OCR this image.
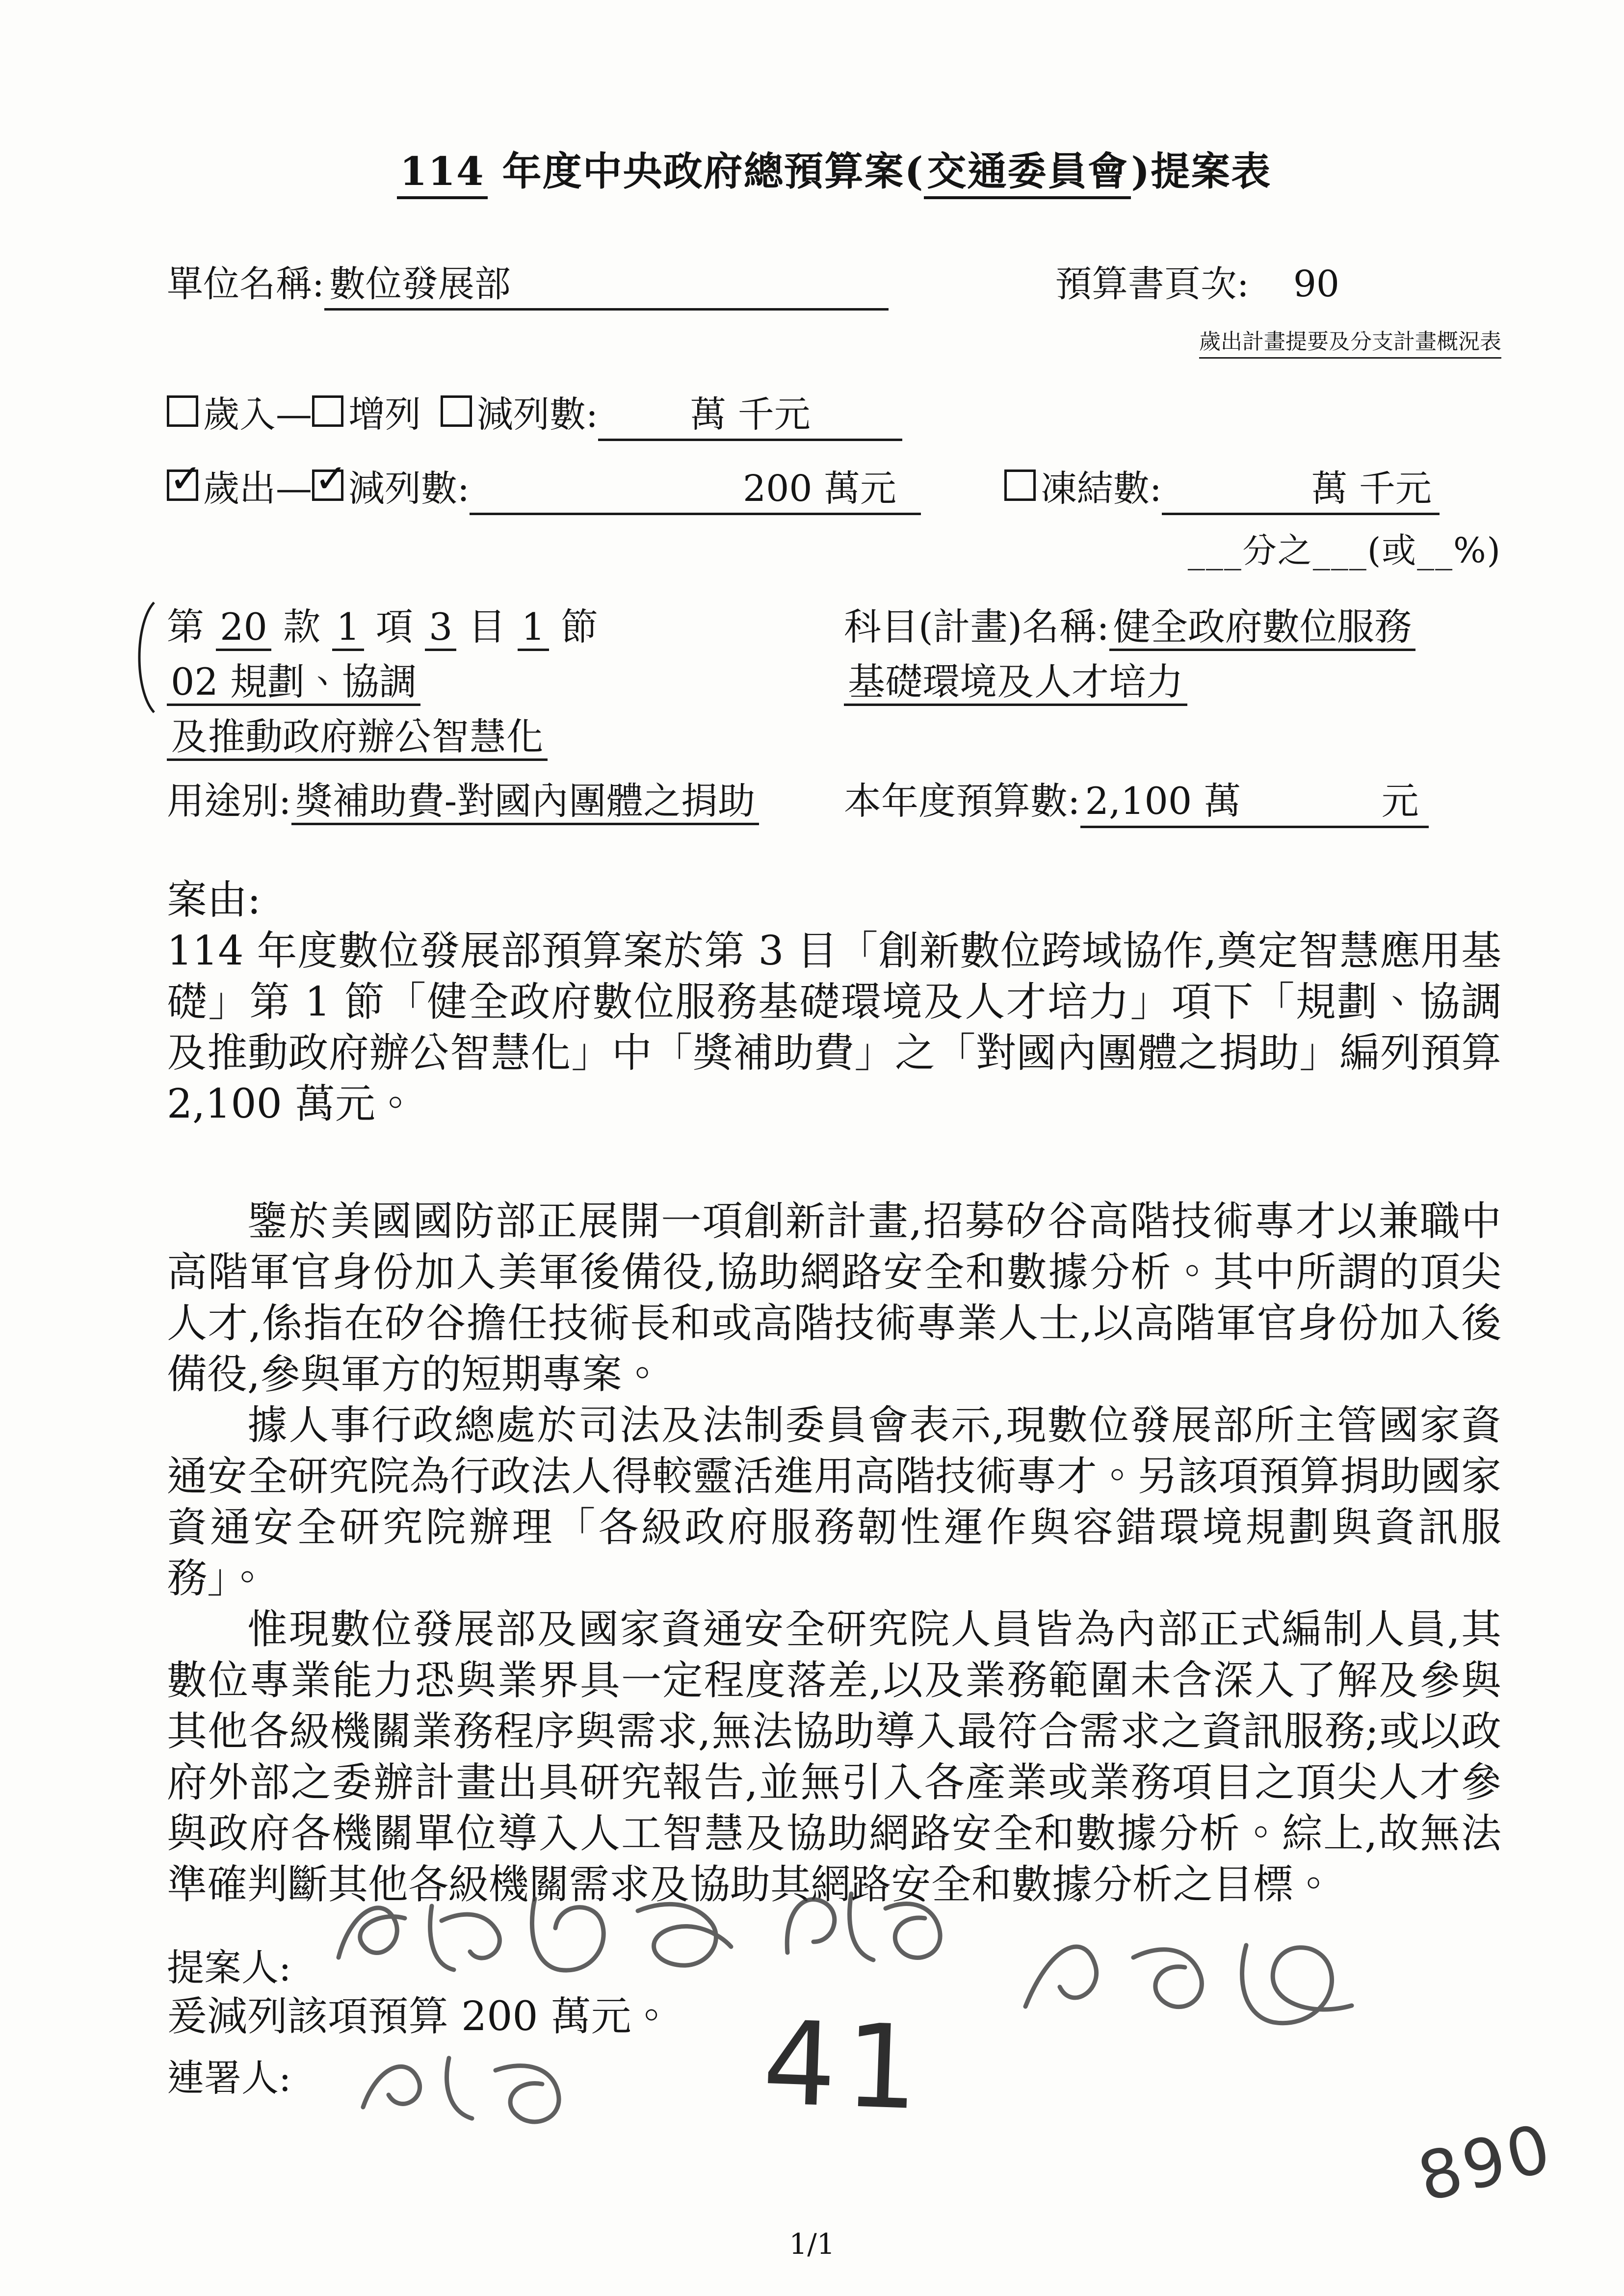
114 年度中央政府總預算案(交通委員會)提案表
單位名稱: 數位發展部	預算書頁次: 90
歲出計畫提要及分支計畫概況表
歲入— 增列 減列數:	萬 千元
✓ 歲出— ✓ 減列數:	200 萬元	凍結數:	萬 千元
___分之___(或__%)
第 20 款 1 項 3 目 1 節 02 規劃、協調
及推動政府辦公智慧化
科目(計畫)名稱: 健全政府數位服務
基礎環境及人才培力
用途別: 獎補助費-對國內團體之捐助	本年度預算數: 2,100 萬	元
案由:

114 年度數位發展部預算案於第 3 目「創新數位跨域協作,奠定智慧應用基礎」第 1 節「健全政府數位服務基礎環境及人才培力」項下「規劃、協調及推動政府辦公智慧化」中「獎補助費」之「對國內團體之捐助」編列預算 2,100 萬元。

鑒於美國國防部正展開一項創新計畫,招募矽谷高階技術專才以兼職中高階軍官身份加入美軍後備役,協助網路安全和數據分析。其中所謂的頂尖人才,係指在矽谷擔任技術長和或高階技術專業人士,以高階軍官身份加入後備役,參與軍方的短期專案。

據人事行政總處於司法及法制委員會表示,現數位發展部所主管國家資通安全研究院為行政法人得較靈活進用高階技術專才。另該項預算捐助國家資通安全研究院辦理「各級政府服務韌性運作與容錯環境規劃與資訊服務」。

惟現數位發展部及國家資通安全研究院人員皆為內部正式編制人員,其數位專業能力恐與業界具一定程度落差,以及業務範圍未含深入了解及參與其他各級機關業務程序與需求,無法協助導入最符合需求之資訊服務;或以政府外部之委辦計畫出具研究報告,並無引入各產業或業務項目之頂尖人才參與政府各機關單位導入人工智慧及協助網路安全和數據分析。綜上,故無法準確判斷其他各級機關需求及協助其網路安全和數據分析之目標。

爰減列該項預算 200 萬元。
提案人:
連署人:	41
890
1/1
